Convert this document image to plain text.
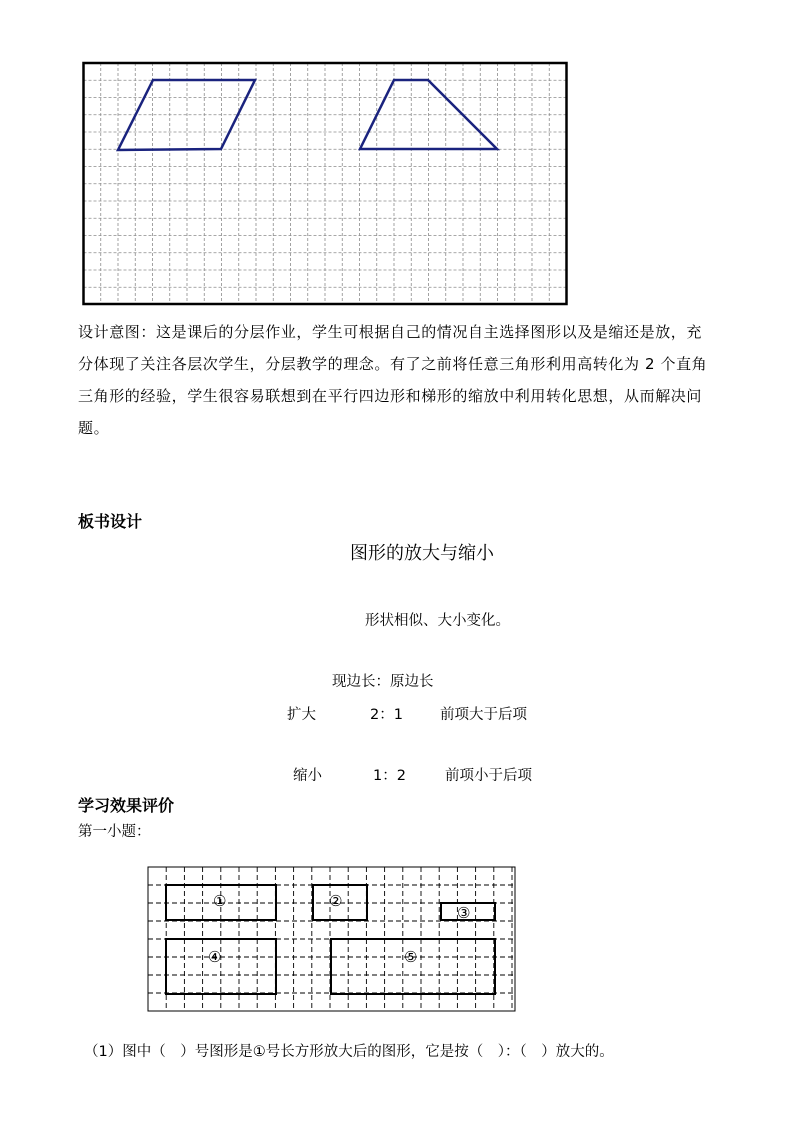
设计意图：这是课后的分层作业，学生可根据自己的情况自主选择图形以及是缩还是放，充
分体现了关注各层次学生，分层教学的理念。有了之前将任意三角形利用高转化为 2 个直角
三角形的经验，学生很容易联想到在平行四边形和梯形的缩放中利用转化思想，从而解决问
题。
板书设计
图形的放大与缩小
形状相似、大小变化。
现边长：原边长
扩大	2：1	前项大于后项
缩小	1：2	前项小于后项
学习效果评价
第一小题：
①	②
③
④	⑤
（1）图中（　）号图形是①号长方形放大后的图形，它是按（　）：（　）放大的。
